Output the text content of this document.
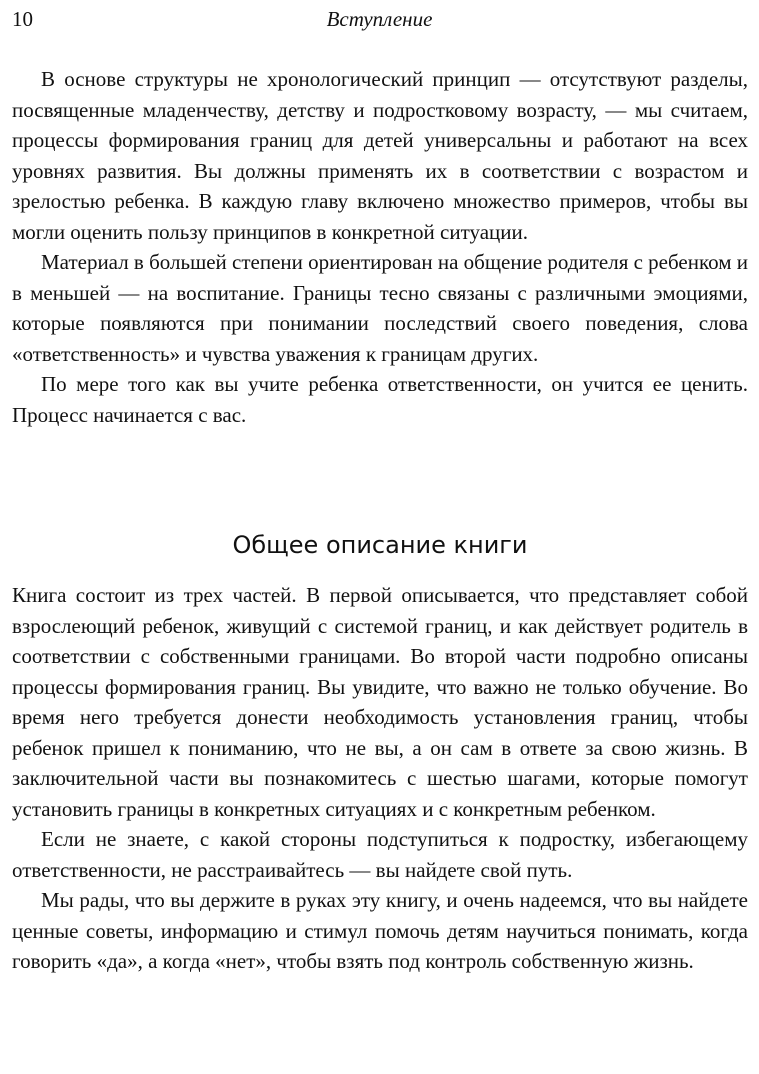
10	Вступление

В основе структуры не хронологический принцип — отсутствуют разделы, посвященные младенчеству, детству и подростковому возрасту, — мы считаем, процессы формирования границ для детей универсальны и работают на всех уровнях развития. Вы должны применять их в соответствии с возрастом и зрелостью ребенка. В каждую главу включено множество примеров, чтобы вы могли оценить пользу принципов в конкретной ситуации.

Материал в большей степени ориентирован на общение родителя с ребенком и в меньшей — на воспитание. Границы тесно связаны с различными эмоциями, которые появляются при понимании последствий своего поведения, слова «ответственность» и чувства уважения к границам других.

По мере того как вы учите ребенка ответственности, он учится ее ценить. Процесс начинается с вас.

Общее описание книги

Книга состоит из трех частей. В первой описывается, что представляет собой взрослеющий ребенок, живущий с системой границ, и как действует родитель в соответствии с собственными границами. Во второй части подробно описаны процессы формирования границ. Вы увидите, что важно не только обучение. Во время него требуется донести необходимость установления границ, чтобы ребенок пришел к пониманию, что не вы, а он сам в ответе за свою жизнь. В заключительной части вы познакомитесь с шестью шагами, которые помогут установить границы в конкретных ситуациях и с конкретным ребенком.

Если не знаете, с какой стороны подступиться к подростку, избегающему ответственности, не расстраивайтесь — вы найдете свой путь.

Мы рады, что вы держите в руках эту книгу, и очень надеемся, что вы найдете ценные советы, информацию и стимул помочь детям научиться понимать, когда говорить «да», а когда «нет», чтобы взять под контроль собственную жизнь.
